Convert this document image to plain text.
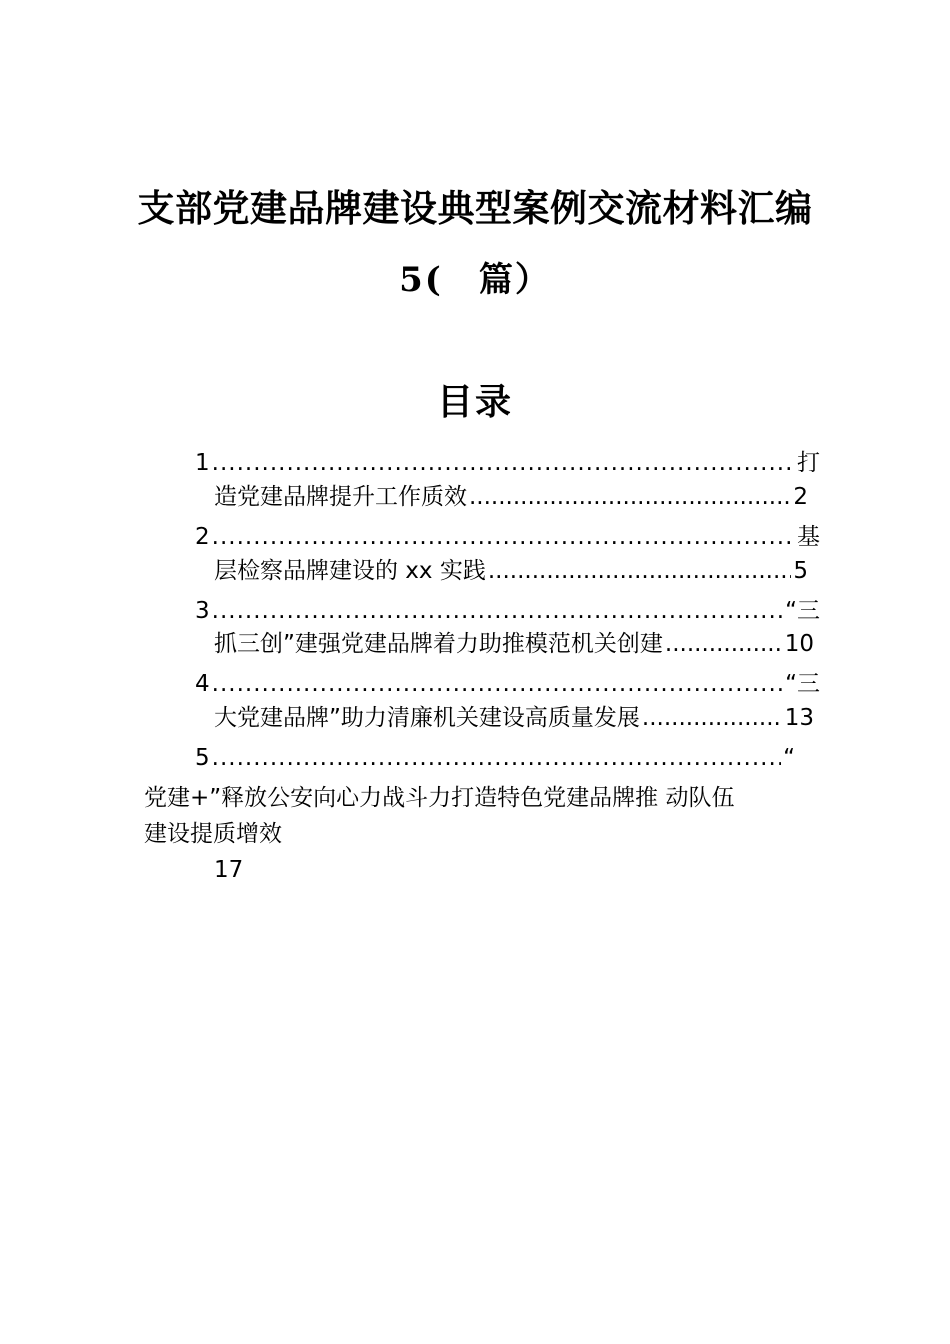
支部党建品牌建设典型案例交流材料汇编
5(　篇）
目录
1 .....	打
造党建品牌提升工作质效 .....	2
2 .....	基
层检察品牌建设的 xx 实践 .....	5
3 .....	“三
抓三创”建强党建品牌着力助推模范机关创建 .....	10
4 .....	“三
大党建品牌”助力清廉机关建设高质量发展 .....	13
5 .....	“
党建+”释放公安向心力战斗力打造特色党建品牌推 动队伍
建设提质增效
17
